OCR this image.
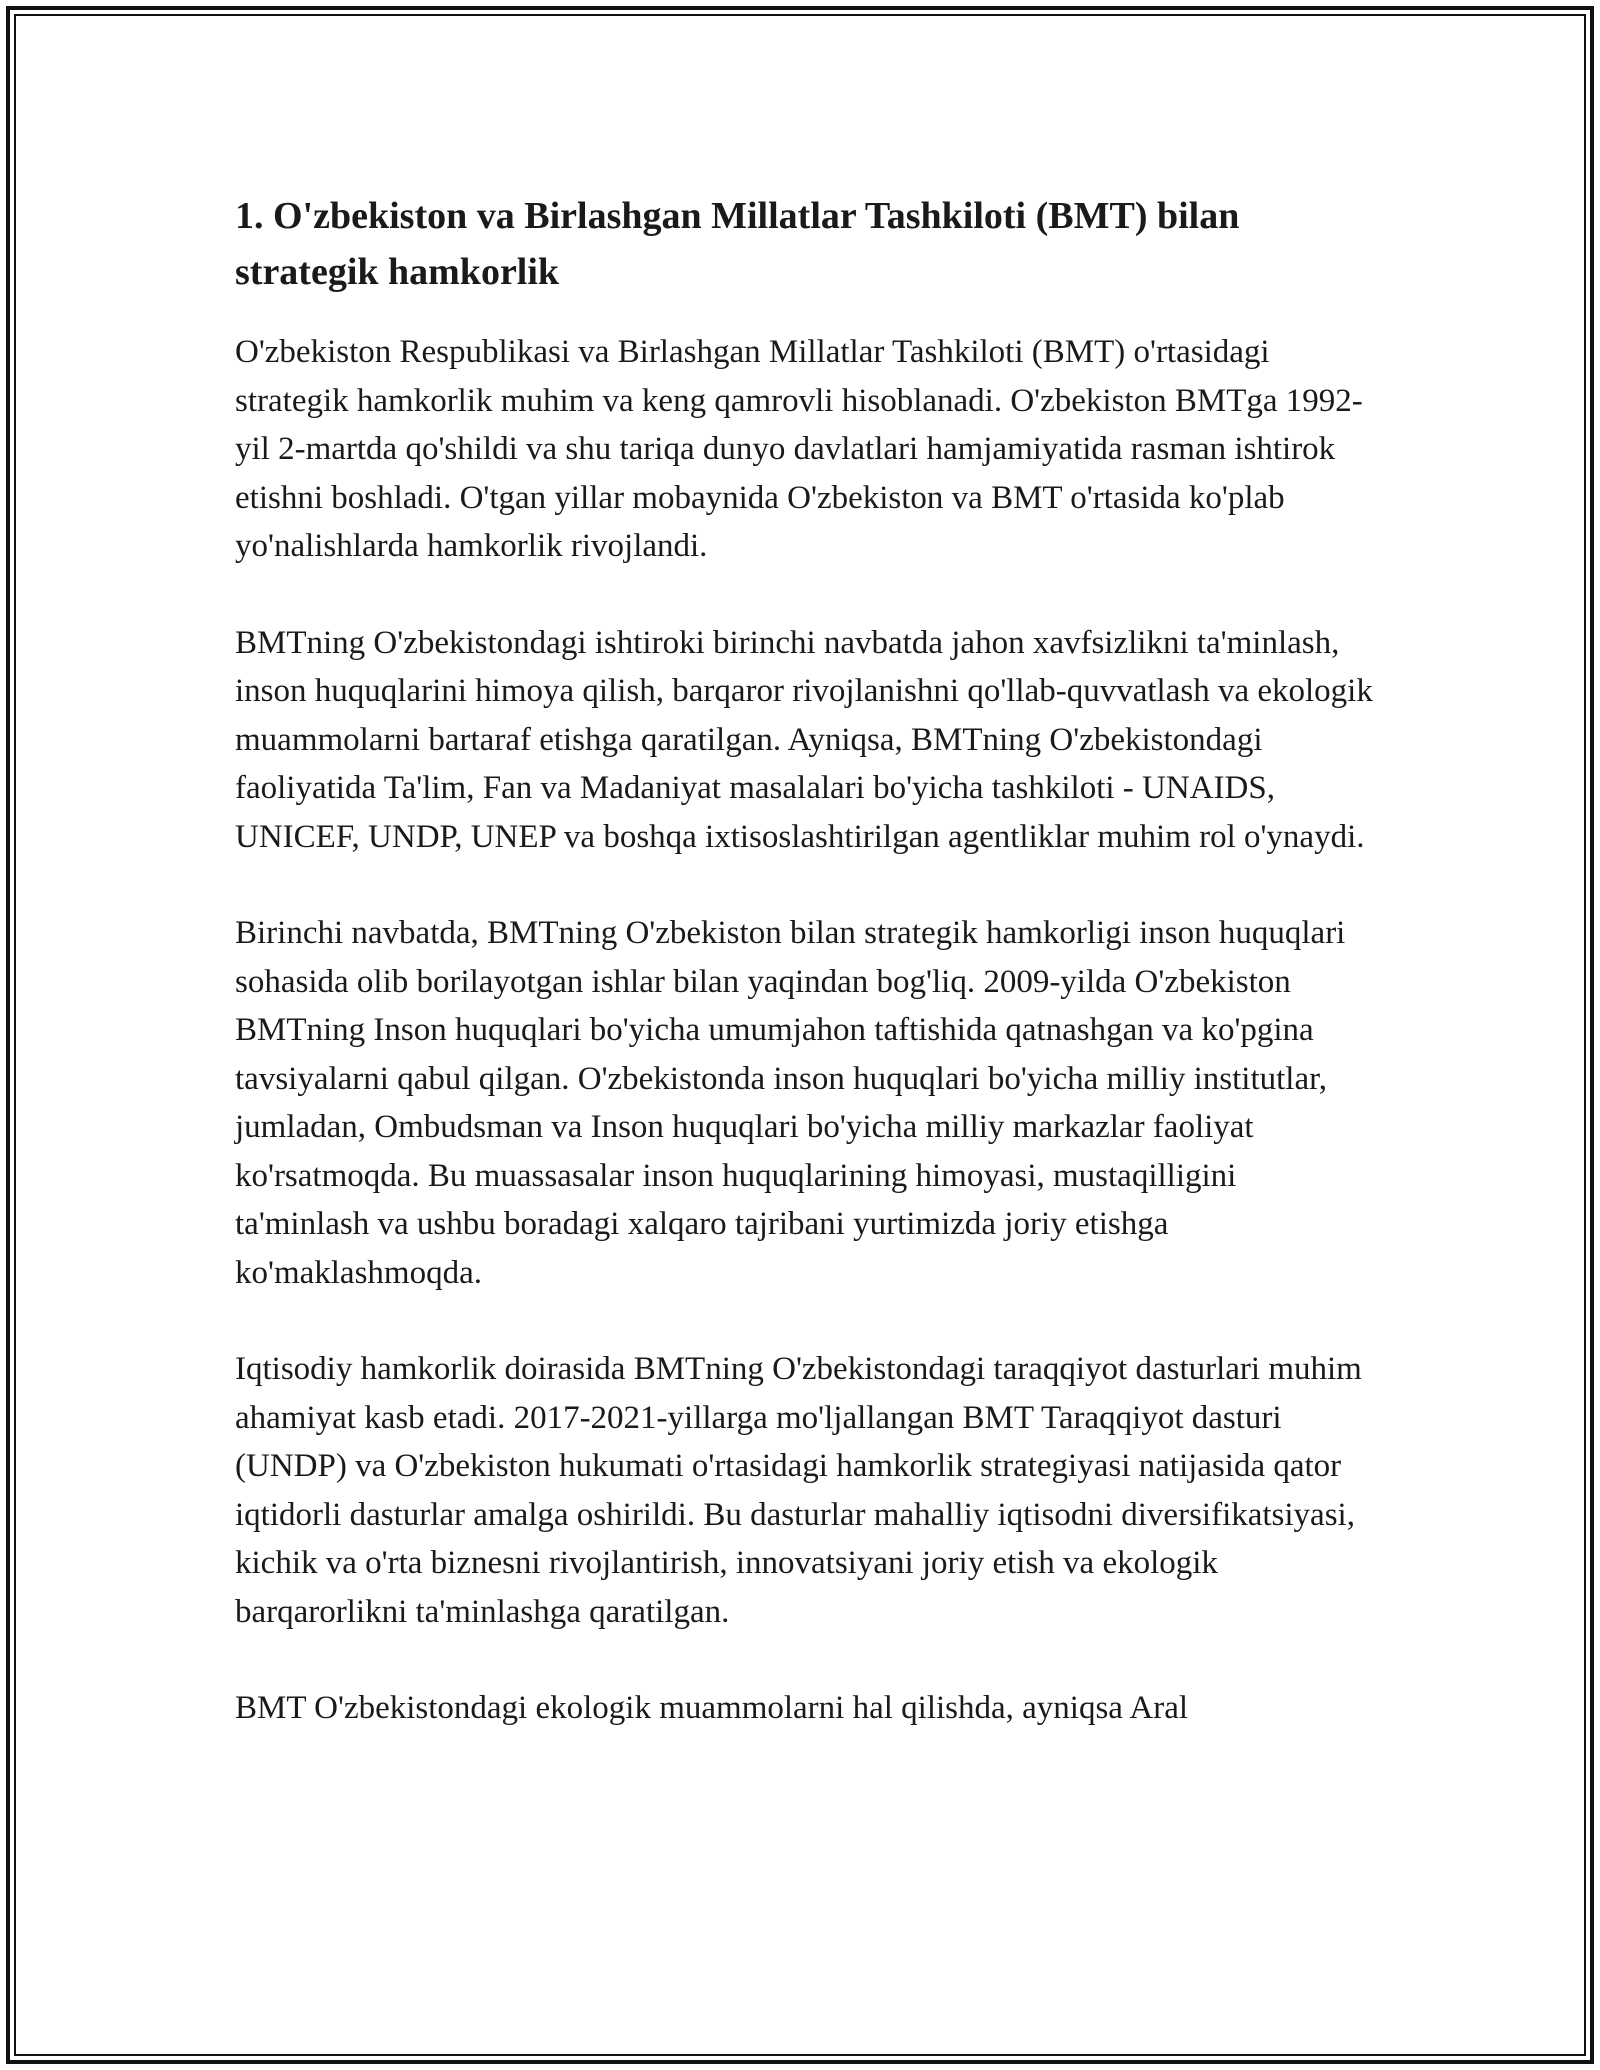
1. O'zbekiston va Birlashgan Millatlar Tashkiloti (BMT) bilan strategik hamkorlik

O'zbekiston Respublikasi va Birlashgan Millatlar Tashkiloti (BMT) o'rtasidagi strategik hamkorlik muhim va keng qamrovli hisoblanadi. O'zbekiston BMTga 1992-yil 2-martda qo'shildi va shu tariqa dunyo davlatlari hamjamiyatida rasman ishtirok etishni boshladi. O'tgan yillar mobaynida O'zbekiston va BMT o'rtasida ko'plab yo'nalishlarda hamkorlik rivojlandi.

BMTning O'zbekistondagi ishtiroki birinchi navbatda jahon xavfsizlikni ta'minlash, inson huquqlarini himoya qilish, barqaror rivojlanishni qo'llab-quvvatlash va ekologik muammolarni bartaraf etishga qaratilgan. Ayniqsa, BMTning O'zbekistondagi faoliyatida Ta'lim, Fan va Madaniyat masalalari bo'yicha tashkiloti - UNAIDS, UNICEF, UNDP, UNEP va boshqa ixtisoslashtirilgan agentliklar muhim rol o'ynaydi.

Birinchi navbatda, BMTning O'zbekiston bilan strategik hamkorligi inson huquqlari sohasida olib borilayotgan ishlar bilan yaqindan bog'liq. 2009-yilda O'zbekiston BMTning Inson huquqlari bo'yicha umumjahon taftishida qatnashgan va ko'pgina tavsiyalarni qabul qilgan. O'zbekistonda inson huquqlari bo'yicha milliy institutlar, jumladan, Ombudsman va Inson huquqlari bo'yicha milliy markazlar faoliyat ko'rsatmoqda. Bu muassasalar inson huquqlarining himoyasi, mustaqilligini ta'minlash va ushbu boradagi xalqaro tajribani yurtimizda joriy etishga ko'maklashmoqda.

Iqtisodiy hamkorlik doirasida BMTning O'zbekistondagi taraqqiyot dasturlari muhim ahamiyat kasb etadi. 2017-2021-yillarga mo'ljallangan BMT Taraqqiyot dasturi (UNDP) va O'zbekiston hukumati o'rtasidagi hamkorlik strategiyasi natijasida qator iqtidorli dasturlar amalga oshirildi. Bu dasturlar mahalliy iqtisodni diversifikatsiyasi, kichik va o'rta biznesni rivojlantirish, innovatsiyani joriy etish va ekologik barqarorlikni ta'minlashga qaratilgan.

BMT O'zbekistondagi ekologik muammolarni hal qilishda, ayniqsa Aral
